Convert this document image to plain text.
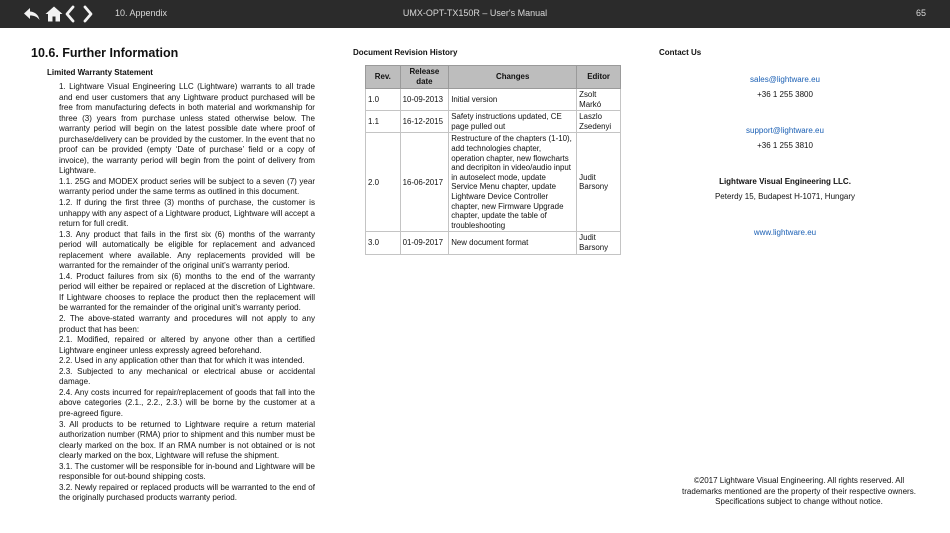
10. Appendix	UMX-OPT-TX150R – User's Manual	65
10.6. Further Information
Limited Warranty Statement

1. Lightware Visual Engineering LLC (Lightware) warrants to all trade and end user customers that any Lightware product purchased will be free from manufacturing defects in both material and workmanship for three (3) years from purchase unless stated otherwise below. The warranty period will begin on the latest possible date where proof of purchase/delivery can be provided by the customer. In the event that no proof can be provided (empty ‘Date of purchase’ field or a copy of invoice), the warranty period will begin from the point of delivery from Lightware.

1.1. 25G and MODEX product series will be subject to a seven (7) year warranty period under the same terms as outlined in this document.

1.2. If during the first three (3) months of purchase, the customer is unhappy with any aspect of a Lightware product, Lightware will accept a return for full credit.

1.3. Any product that fails in the first six (6) months of the warranty period will automatically be eligible for replacement and advanced replacement where available. Any replacements provided will be warranted for the remainder of the original unit’s warranty period.

1.4. Product failures from six (6) months to the end of the warranty period will either be repaired or replaced at the discretion of Lightware. If Lightware chooses to replace the product then the replacement will be warranted for the remainder of the original unit’s warranty period.

2. The above-stated warranty and procedures will not apply to any product that has been:

2.1. Modified, repaired or altered by anyone other than a certified Lightware engineer unless expressly agreed beforehand.

2.2. Used in any application other than that for which it was intended.

2.3. Subjected to any mechanical or electrical abuse or accidental damage.

2.4. Any costs incurred for repair/replacement of goods that fall into the above categories (2.1., 2.2., 2.3.) will be borne by the customer at a pre-agreed figure.

3. All products to be returned to Lightware require a return material authorization number (RMA) prior to shipment and this number must be clearly marked on the box. If an RMA number is not obtained or is not clearly marked on the box, Lightware will refuse the shipment.

3.1. The customer will be responsible for in-bound and Lightware will be responsible for out-bound shipping costs.

3.2. Newly repaired or replaced products will be warranted to the end of the originally purchased products warranty period.

Document Revision History
Rev.	Release date	Changes	Editor
1.0	10-09-2013	Initial version	Zsolt Markó
1.1	16-12-2015	Safety instructions updated, CE page pulled out	Laszlo Zsedenyi
2.0	16-06-2017	Restructure of the chapters (1-10), add technologies chapter, operation chapter, new flowcharts and decripiton in video/audio input in autoselect mode, update Service Menu chapter, update Lightware Device Controller chapter, new Firmware Upgrade chapter, update the table of troubleshooting	Judit Barsony
3.0	01-09-2017	New document format	Judit Barsony
Contact Us
sales@lightware.eu
+36 1 255 3800
support@lightware.eu
+36 1 255 3810
Lightware Visual Engineering LLC.
Peterdy 15, Budapest H-1071, Hungary
www.lightware.eu
©2017 Lightware Visual Engineering. All rights reserved. All
trademarks mentioned are the property of their respective owners.
Specifications subject to change without notice.
